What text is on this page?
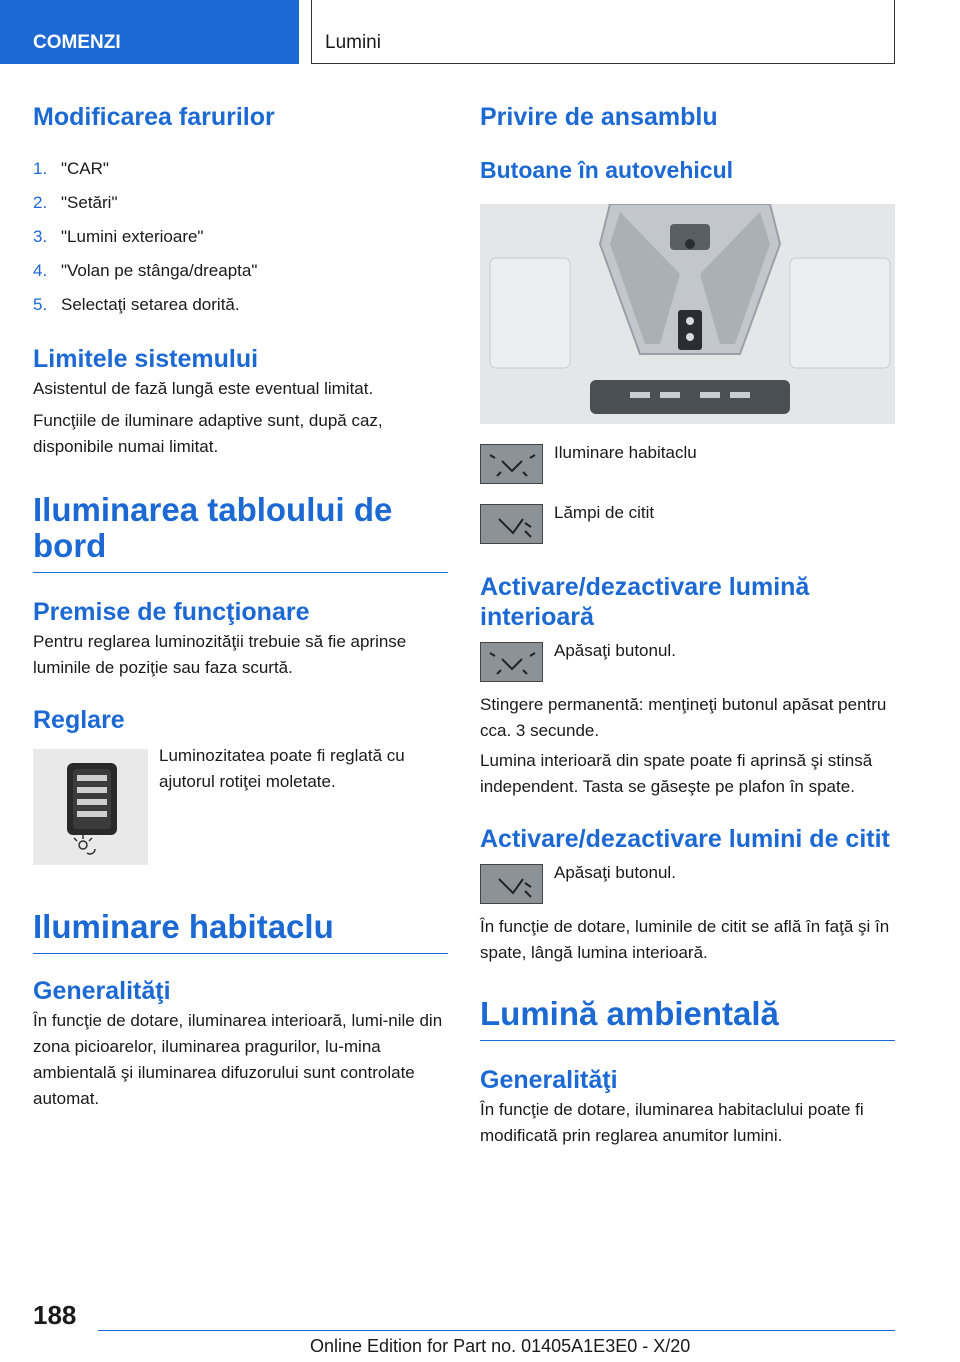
COMENZI	Lumini
Modificarea farurilor
1. "CAR"
2. "Setări"
3. "Lumini exterioare"
4. "Volan pe stânga/dreapta"
5. Selectaţi setarea dorită.
Limitele sistemului
Asistentul de fază lungă este eventual limitat.
Funcţiile de iluminare adaptive sunt, după caz, disponibile numai limitat.
Iluminarea tabloului de bord
Premise de funcţionare
Pentru reglarea luminozităţii trebuie să fie aprinse luminile de poziţie sau faza scurtă.
Reglare
Luminozitatea poate fi reglată cu ajutorul rotiţei moletate.
Iluminare habitaclu
Generalităţi
În funcţie de dotare, iluminarea interioară, lumi-nile din zona picioarelor, iluminarea pragurilor, lu-mina ambientală şi iluminarea difuzorului sunt controlate automat.
Privire de ansamblu
Butoane în autovehicul
Iluminare habitaclu
Lămpi de citit
Activare/dezactivare lumină interioară
Apăsaţi butonul.
Stingere permanentă: menţineţi butonul apăsat pentru cca. 3 secunde.
Lumina interioară din spate poate fi aprinsă şi stinsă independent. Tasta se găseşte pe plafon în spate.
Activare/dezactivare lumini de citit
Apăsaţi butonul.
În funcţie de dotare, luminile de citit se află în faţă şi în spate, lângă lumina interioară.
Lumină ambientală
Generalităţi
În funcţie de dotare, iluminarea habitaclului poate fi modificată prin reglarea anumitor lumini.
188
Online Edition for Part no. 01405A1E3E0 - X/20
